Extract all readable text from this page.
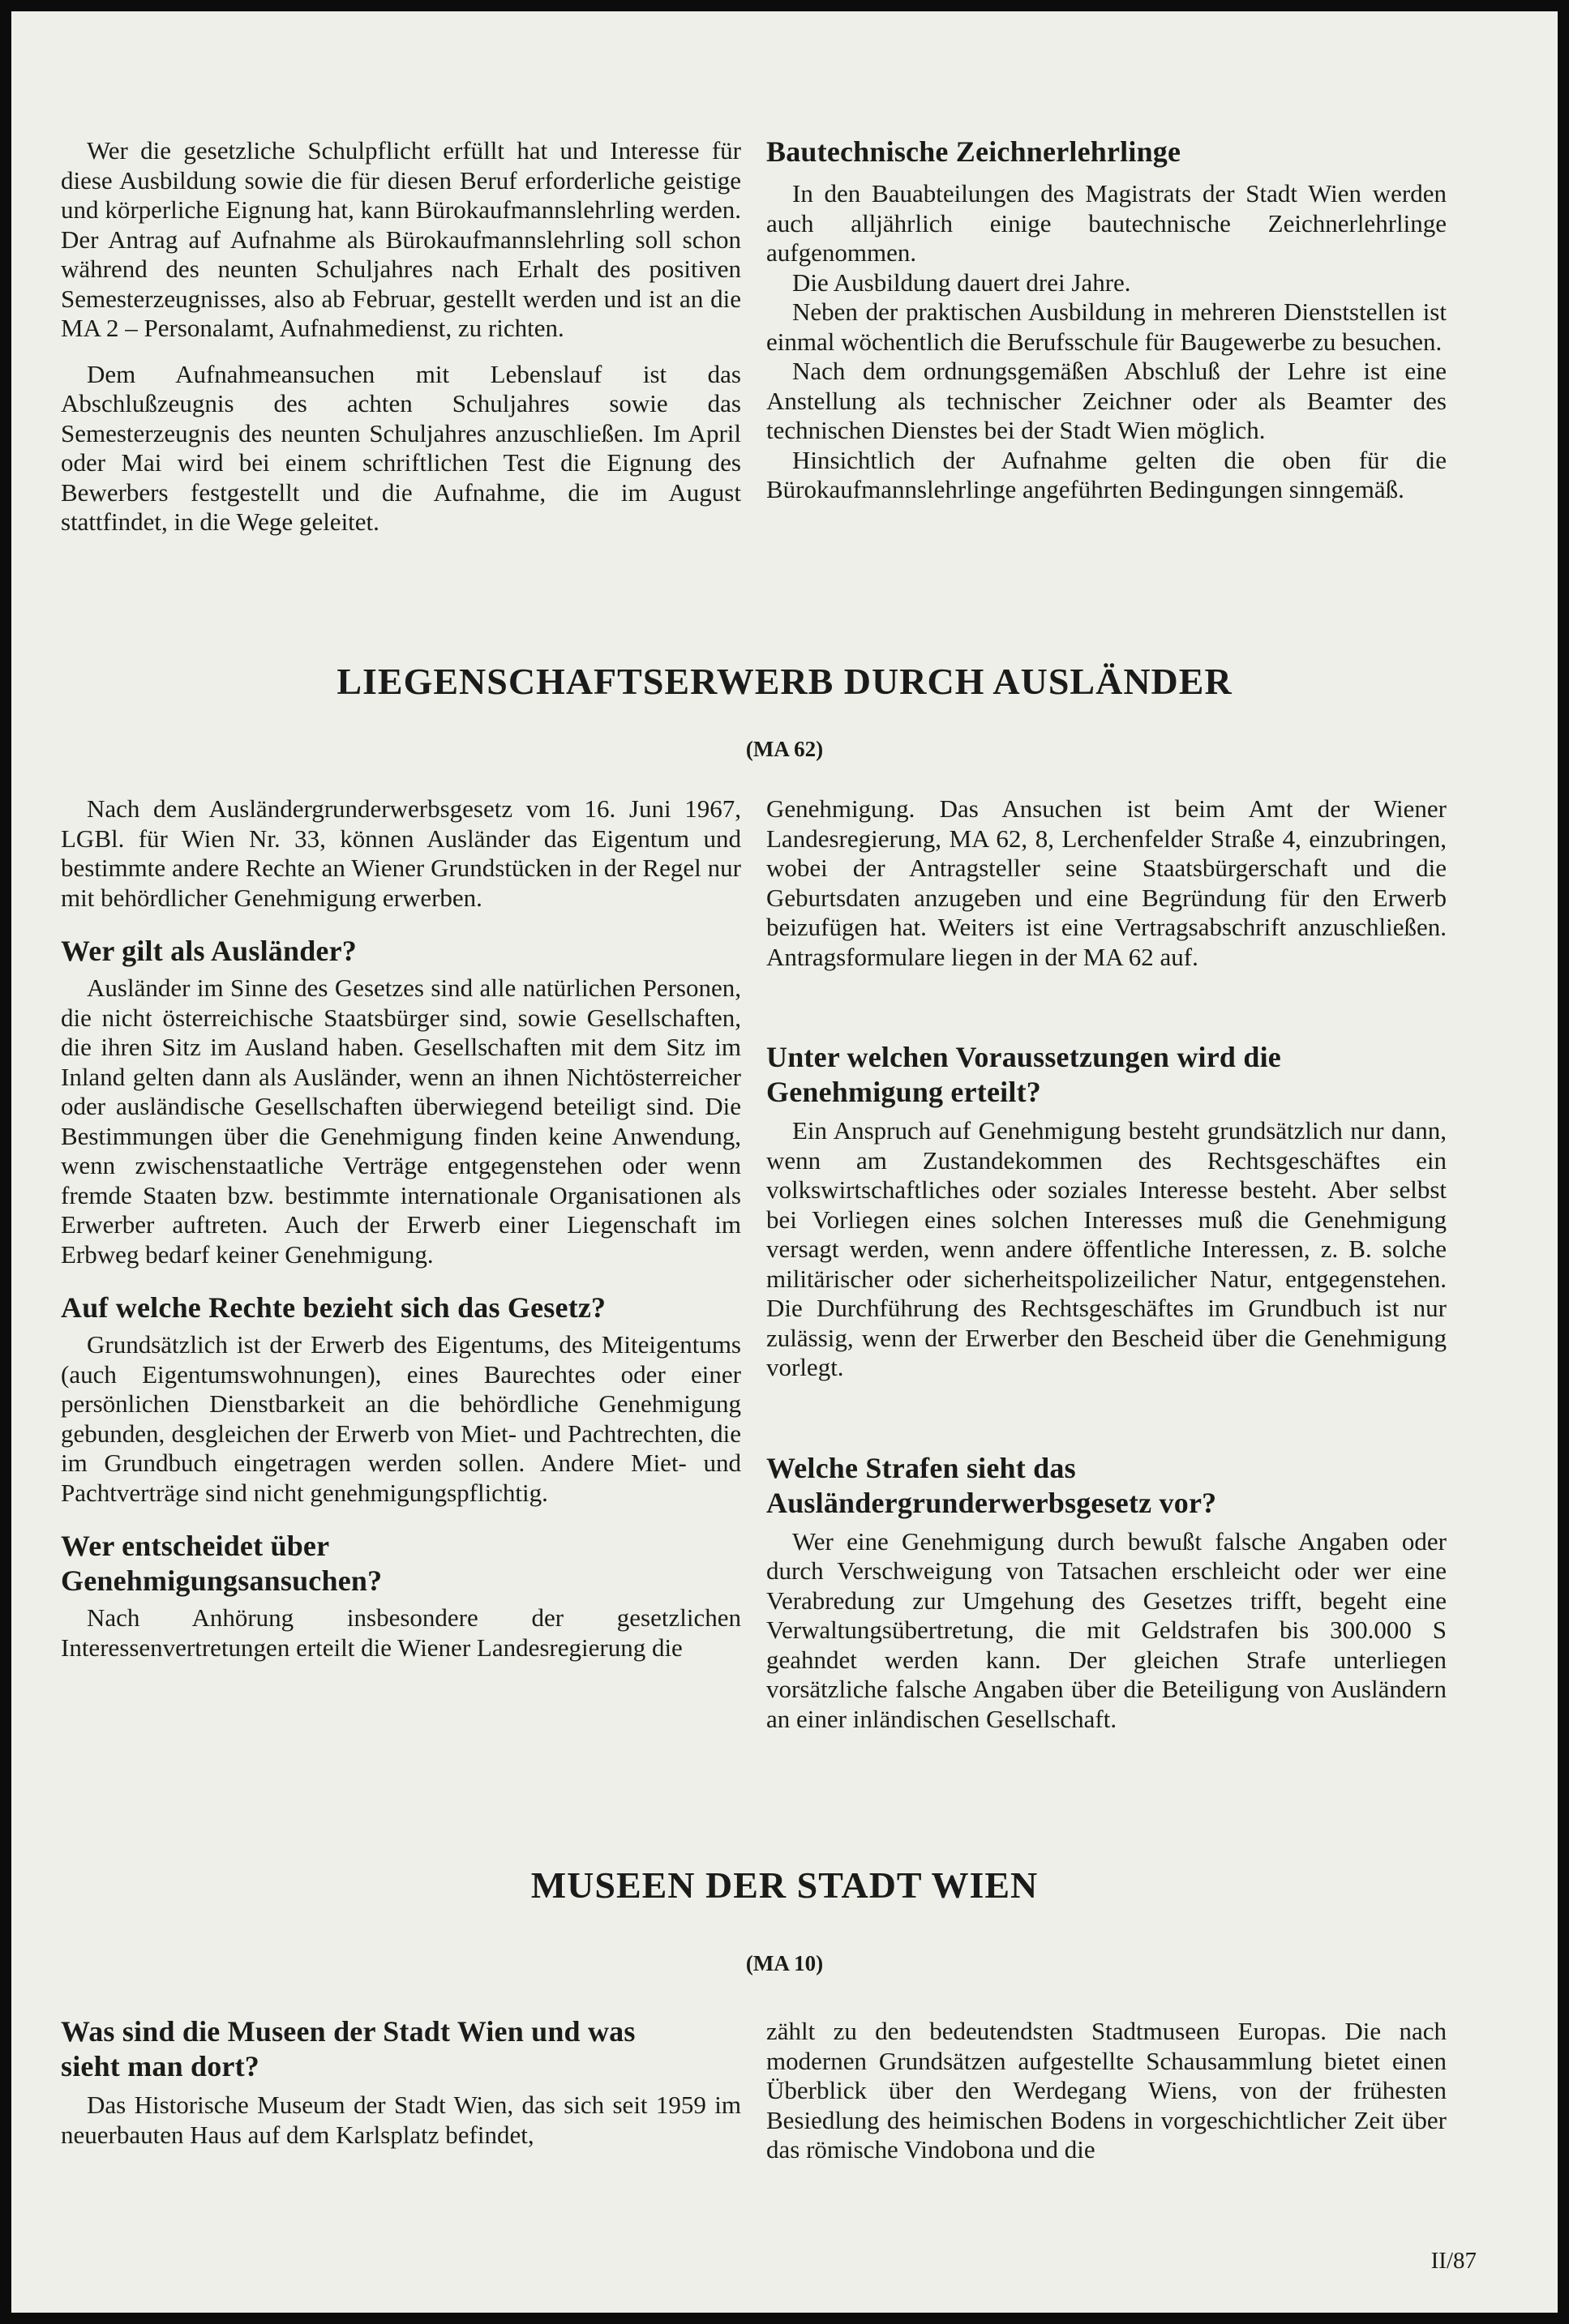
Wer die gesetzliche Schulpflicht erfüllt hat und Interesse für diese Ausbildung sowie die für diesen Beruf erforderliche geistige und körperliche Eignung hat, kann Bürokaufmannslehrling werden. Der Antrag auf Aufnahme als Bürokaufmannslehrling soll schon während des neunten Schuljahres nach Erhalt des positiven Semesterzeugnisses, also ab Februar, gestellt werden und ist an die MA 2 – Personalamt, Aufnahmedienst, zu richten.

Dem Aufnahmeansuchen mit Lebenslauf ist das Abschlußzeugnis des achten Schuljahres sowie das Semesterzeugnis des neunten Schuljahres anzuschließen. Im April oder Mai wird bei einem schriftlichen Test die Eignung des Bewerbers festgestellt und die Aufnahme, die im August stattfindet, in die Wege geleitet.

Bautechnische Zeichnerlehrlinge

In den Bauabteilungen des Magistrats der Stadt Wien werden auch alljährlich einige bautechnische Zeichnerlehrlinge aufgenommen.

Die Ausbildung dauert drei Jahre.

Neben der praktischen Ausbildung in mehreren Dienststellen ist einmal wöchentlich die Berufsschule für Baugewerbe zu besuchen.

Nach dem ordnungsgemäßen Abschluß der Lehre ist eine Anstellung als technischer Zeichner oder als Beamter des technischen Dienstes bei der Stadt Wien möglich.

Hinsichtlich der Aufnahme gelten die oben für die Bürokaufmannslehrlinge angeführten Bedingungen sinngemäß.

LIEGENSCHAFTSERWERB DURCH AUSLÄNDER
(MA 62)

Nach dem Ausländergrunderwerbsgesetz vom 16. Juni 1967, LGBl. für Wien Nr. 33, können Ausländer das Eigentum und bestimmte andere Rechte an Wiener Grundstücken in der Regel nur mit behördlicher Genehmigung erwerben.

Wer gilt als Ausländer?

Ausländer im Sinne des Gesetzes sind alle natürlichen Personen, die nicht österreichische Staatsbürger sind, sowie Gesellschaften, die ihren Sitz im Ausland haben. Gesellschaften mit dem Sitz im Inland gelten dann als Ausländer, wenn an ihnen Nichtösterreicher oder ausländische Gesellschaften überwiegend beteiligt sind. Die Bestimmungen über die Genehmigung finden keine Anwendung, wenn zwischenstaatliche Verträge entgegenstehen oder wenn fremde Staaten bzw. bestimmte internationale Organisationen als Erwerber auftreten. Auch der Erwerb einer Liegenschaft im Erbweg bedarf keiner Genehmigung.

Auf welche Rechte bezieht sich das Gesetz?

Grundsätzlich ist der Erwerb des Eigentums, des Miteigentums (auch Eigentumswohnungen), eines Baurechtes oder einer persönlichen Dienstbarkeit an die behördliche Genehmigung gebunden, desgleichen der Erwerb von Miet- und Pachtrechten, die im Grundbuch eingetragen werden sollen. Andere Miet- und Pachtverträge sind nicht genehmigungspflichtig.

Wer entscheidet über
Genehmigungsansuchen?

Nach Anhörung insbesondere der gesetzlichen Interessenvertretungen erteilt die Wiener Landesregierung die

Genehmigung. Das Ansuchen ist beim Amt der Wiener Landesregierung, MA 62, 8, Lerchenfelder Straße 4, einzubringen, wobei der Antragsteller seine Staatsbürgerschaft und die Geburtsdaten anzugeben und eine Begründung für den Erwerb beizufügen hat. Weiters ist eine Vertragsabschrift anzuschließen. Antragsformulare liegen in der MA 62 auf.

Unter welchen Voraussetzungen wird die
Genehmigung erteilt?

Ein Anspruch auf Genehmigung besteht grundsätzlich nur dann, wenn am Zustandekommen des Rechtsgeschäftes ein volkswirtschaftliches oder soziales Interesse besteht. Aber selbst bei Vorliegen eines solchen Interesses muß die Genehmigung versagt werden, wenn andere öffentliche Interessen, z. B. solche militärischer oder sicherheitspolizeilicher Natur, entgegenstehen. Die Durchführung des Rechtsgeschäftes im Grundbuch ist nur zulässig, wenn der Erwerber den Bescheid über die Genehmigung vorlegt.

Welche Strafen sieht das
Ausländergrunderwerbsgesetz vor?

Wer eine Genehmigung durch bewußt falsche Angaben oder durch Verschweigung von Tatsachen erschleicht oder wer eine Verabredung zur Umgehung des Gesetzes trifft, begeht eine Verwaltungsübertretung, die mit Geldstrafen bis 300.000 S geahndet werden kann. Der gleichen Strafe unterliegen vorsätzliche falsche Angaben über die Beteiligung von Ausländern an einer inländischen Gesellschaft.

MUSEEN DER STADT WIEN
(MA 10)
Was sind die Museen der Stadt Wien und was
sieht man dort?

Das Historische Museum der Stadt Wien, das sich seit 1959 im neuerbauten Haus auf dem Karlsplatz befindet,

zählt zu den bedeutendsten Stadtmuseen Europas. Die nach modernen Grundsätzen aufgestellte Schausammlung bietet einen Überblick über den Werdegang Wiens, von der frühesten Besiedlung des heimischen Bodens in vorgeschichtlicher Zeit über das römische Vindobona und die

II/87
